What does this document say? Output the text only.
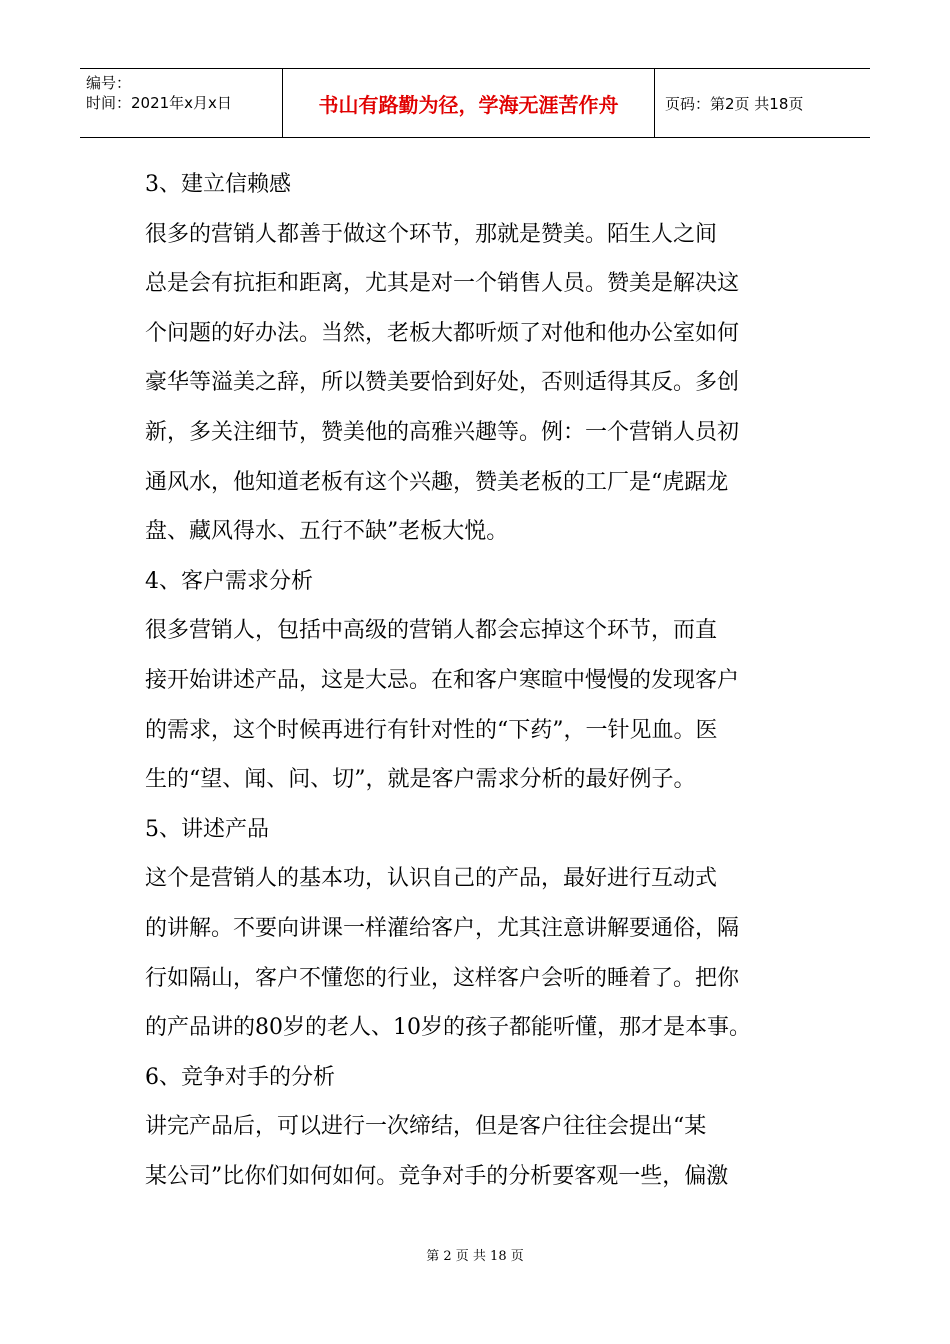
编号：
时间：2021年x月x日	书山有路勤为径，学海无涯苦作舟	页码：第2页 共18页
3、建立信赖感
很多的营销人都善于做这个环节，那就是赞美。陌生人之间
总是会有抗拒和距离，尤其是对一个销售人员。赞美是解决这
个问题的好办法。当然，老板大都听烦了对他和他办公室如何
豪华等溢美之辞，所以赞美要恰到好处，否则适得其反。多创
新，多关注细节，赞美他的高雅兴趣等。例：一个营销人员初
通风水，他知道老板有这个兴趣，赞美老板的工厂是“虎踞龙
盘、藏风得水、五行不缺”老板大悦。
4、客户需求分析
很多营销人，包括中高级的营销人都会忘掉这个环节，而直
接开始讲述产品，这是大忌。在和客户寒暄中慢慢的发现客户
的需求，这个时候再进行有针对性的“下药”，一针见血。医
生的“望、闻、问、切”，就是客户需求分析的最好例子。
5、讲述产品
这个是营销人的基本功，认识自己的产品，最好进行互动式
的讲解。不要向讲课一样灌给客户，尤其注意讲解要通俗，隔
行如隔山，客户不懂您的行业，这样客户会听的睡着了。把你
的产品讲的80岁的老人、10岁的孩子都能听懂，那才是本事。
6、竞争对手的分析
讲完产品后，可以进行一次缔结，但是客户往往会提出“某
某公司”比你们如何如何。竞争对手的分析要客观一些，偏激
第 2 页 共 18 页
